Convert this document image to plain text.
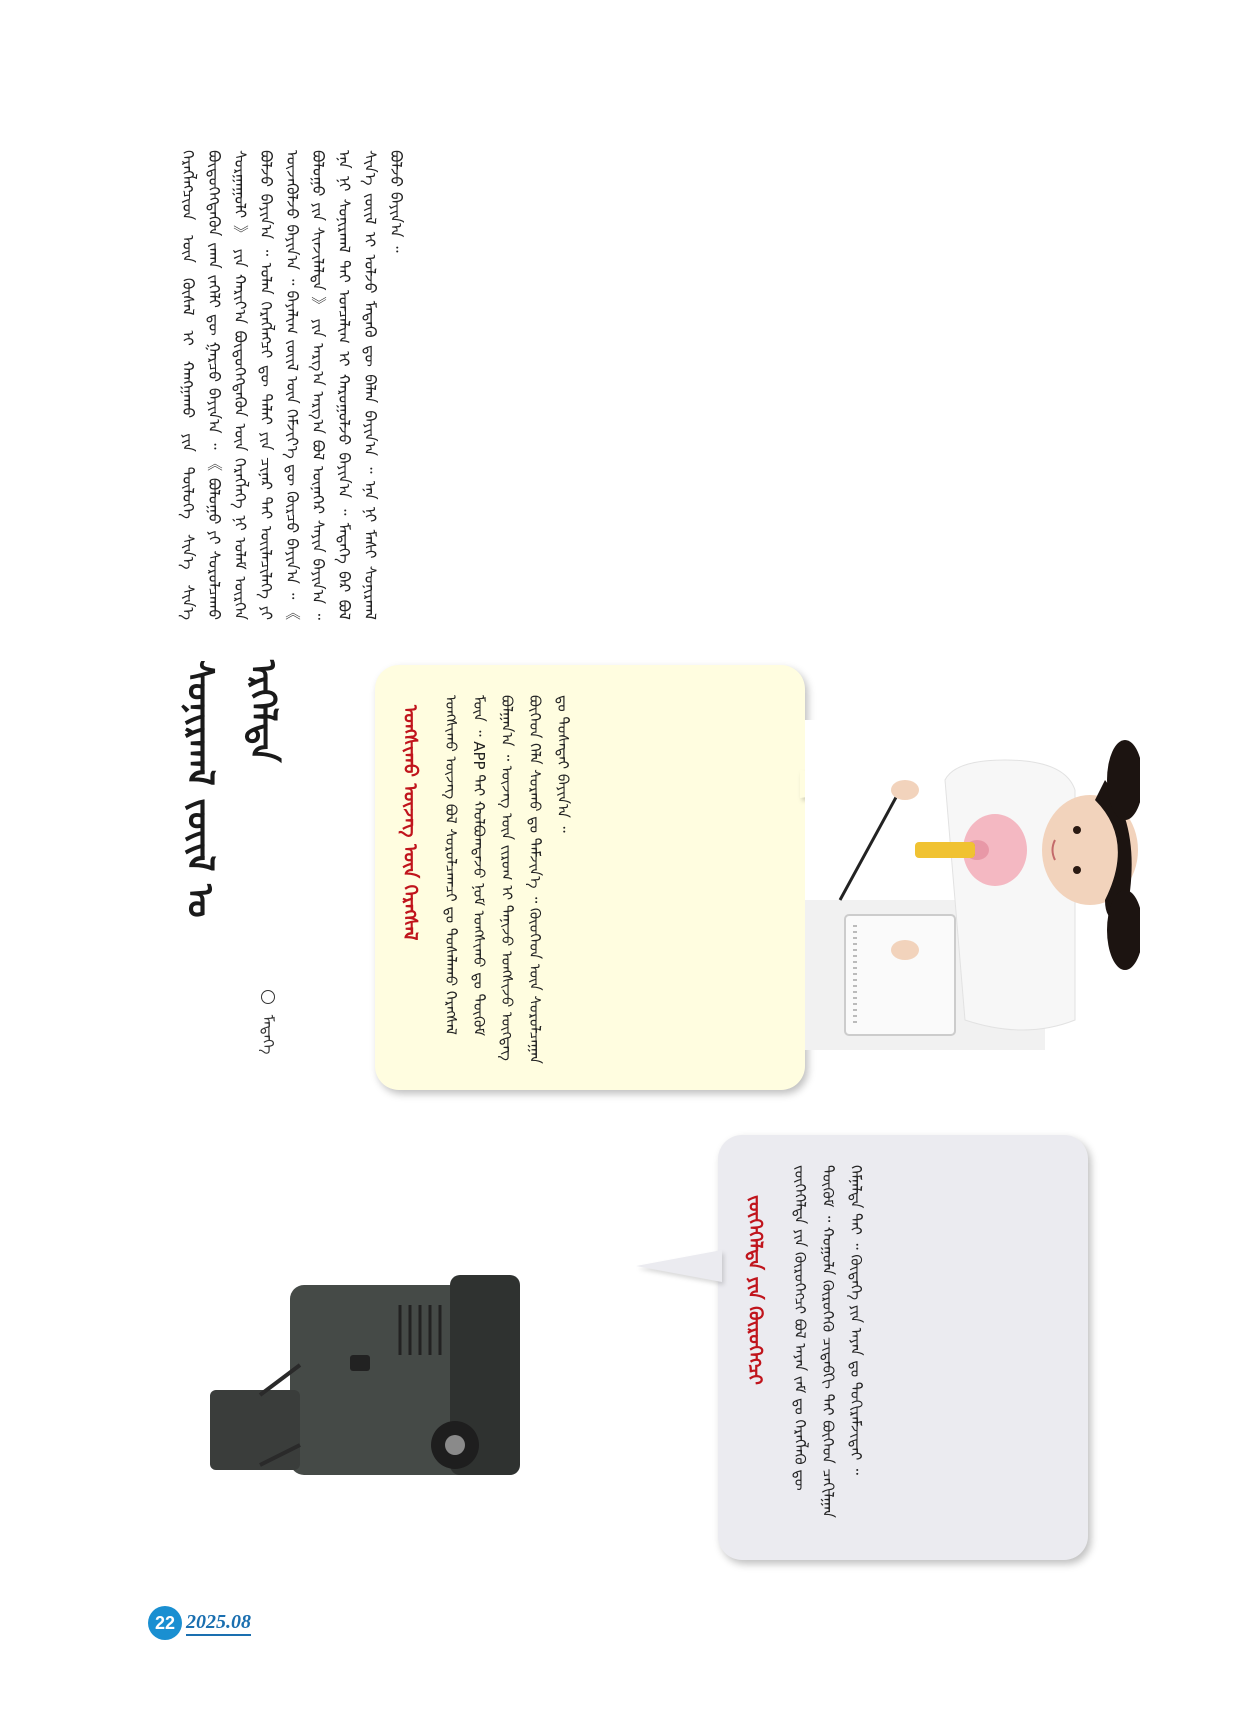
ᠬᠡᠷᠡᠭᠯᠡᠭᠴᠢᠳ ᠦᠨ ᠬᠦᠰᠡᠯ ᠢ ᠬᠠᠩᠭᠠᠬᠤ ᠶᠢᠨ ᠲᠥᠯᠥᠭᠡ ᠰᠢᠨ᠎ᠡ ᠰᠢᠨ᠎ᠡ ᠪᠦᠲᠦᠭᠡᠭᠳᠡᠬᠦᠨ ᠵᠠᠬᠠ ᠵᠡᠭᠡᠯᠢ ᠳᠦ ᠭᠠᠷᠴᠤ ᠪᠠᠶᠢᠨ᠎ᠠ ᠃ 《 ᠪᠣᠯᠣᠭᠤ ᠶᠢ ᠰᠤᠷᠤᠯᠴᠠᠬᠤ ᠰᠤᠷᠭᠠᠭᠤᠯᠢ 》 ᠶᠢᠨ ᠬᠠᠷᠢᠶ᠎ᠠ ᠪᠦᠲᠦᠭᠡᠭᠳᠡᠬᠦᠨ ᠦᠨ ᠬᠡᠷᠡᠭᠯᠡᠭᠡ ᠨᠢ ᠤᠯᠠᠮ ᠥᠷᠭᠡᠨ ᠪᠣᠯᠵᠤ ᠪᠠᠶᠢᠨ᠎ᠠ ᠃ ᠣᠯᠠᠨ ᠬᠡᠷᠡᠭᠯᠡᠭᠴᠢ ᠳᠦ ᠳᠠᠯᠠᠢ ᠶᠢᠨ ᠴᠢᠨᠠᠷ ᠲᠠᠢ ᠦᠢᠯᠡᠴᠢᠯᠡᠭᠡ ᠶᠢ ᠦᠵᠡᠭᠦᠯᠵᠦ ᠪᠠᠶᠢᠨ᠎ᠠ ᠃ ᠪᠠᠶᠠᠯᠢᠭ ᠵᠦᠢᠯ ᠦᠨ ᠬᠡᠮᠵᠢᠶ᠎ᠡ ᠳᠦ ᠬᠦᠷᠴᠦ ᠪᠠᠶᠢᠨ᠎ᠠ ᠃ 《 ᠪᠣᠯᠣᠭᠤ ᠶᠢᠨ ᠰᠢᠨᠵᠢᠯᠡᠯᠲᠡ 》 ᠶᠢᠨ ᠠᠷᠭ᠎ᠠ ᠠᠷᠭ᠎ᠠ ᠪᠣᠯ ᠦᠨᠡᠬᠡᠷ ᠰᠠᠶᠢᠨ ᠪᠠᠶᠢᠨ᠎ᠠ ᠃ ᠡᠨᠡ ᠨᠢ ᠰᠣᠨᠢᠷᠬᠠᠯ ᠲᠠᠢ ᠣᠨᠴᠠᠯᠢᠭ ᠢ ᠬᠠᠷᠤᠭᠤᠯᠵᠤ ᠪᠠᠶᠢᠨ᠎ᠠ ᠃ ᠮᠡᠳᠡᠭᠡ ᠪᠠᠷ ᠪᠣᠯ ᠰᠢᠨ᠎ᠡ ᠵᠦᠢᠯ ᠢ ᠣᠯᠵᠤ ᠮᠡᠳᠡᠬᠦ ᠳᠦ ᠪᠡᠯᠡᠨ ᠪᠠᠶᠢᠨ᠎ᠠ ᠃ ᠡᠨᠡ ᠨᠢ ᠮᠠᠰᠢ ᠰᠣᠨᠢᠷᠬᠠᠯ ᠪᠣᠯᠵᠤ ᠪᠠᠶᠢᠨ᠎ᠠ ᠃
ᠰᠣᠨᠢᠷᠬᠠᠯ ᠵᠦᠢᠯ ᠤ ᠡᠷᠭᠡᠯᠲᠡ
ᠮᠡᠳᠡᠭᠡ
ᠤᠩᠰᠢᠬᠤ ᠦᠵᠡᠭ ᠦᠨ ᠬᠡᠷᠡᠭᠰᠡᠯ	ᠤᠩᠰᠢᠬᠤ ᠦᠵᠡᠭ ᠪᠣᠯ ᠰᠤᠷᠤᠯᠴᠠᠭᠴᠢ ᠳᠤ ᠲᠤᠰᠠᠯᠠᠬᠤ ᠬᠡᠷᠡᠭᠰᠡᠯ ᠮᠥᠨ ᠃ APP ᠲᠠᠢ ᠬᠣᠯᠪᠣᠭᠳᠠᠵᠤ ᠨᠣᠮ ᠤᠩᠰᠢᠬᠤ ᠳᠤ ᠳᠥᠬᠥᠮ ᠪᠣᠯᠭᠠᠨ᠎ᠠ ᠃ ᠦᠵᠡᠭ ᠦᠨ ᠵᠢᠷᠤᠭ ᠢ ᠲᠠᠨᠢᠵᠤ ᠤᠩᠰᠢᠵᠤ ᠥᠭᠳᠡᠭ ᠪᠥᠭᠡᠳ ᠬᠡᠯᠡ ᠰᠤᠷᠬᠤ ᠳᠤ ᠳᠡᠮᠵᠢᠨ᠎ᠡ ᠃ ᠬᠦᠦᠬᠡᠳ ᠦᠨ ᠰᠤᠷᠤᠯᠴᠠᠭᠠᠨ ᠳᠤ ᠲᠤᠰᠠᠲᠠᠢ ᠪᠠᠶᠢᠨ᠎ᠠ ᠃
ᠵᠥᠭᠡᠭᠡᠯᠳᠡ ᠶᠢᠨ ᠬᠥᠷᠥᠭᠡᠭᠴᠢ	ᠵᠥᠭᠡᠭᠡᠯᠳᠡ ᠶᠢᠨ ᠬᠥᠷᠥᠭᠡᠭᠴᠢ ᠪᠣᠯ ᠠᠶᠠᠨ ᠵᠠᠮ ᠳᠤ ᠬᠡᠷᠡᠭᠯᠡᠬᠦ ᠳᠦ ᠳᠥᠬᠥᠮ ᠃ ᠬᠣᠭᠣᠯᠠ ᠬᠥᠷᠥᠭᠡᠬᠦ ᠴᠢᠳᠠᠪᠬᠢ ᠲᠠᠢ ᠪᠥᠭᠡᠳ ᠴᠠᠬᠢᠯᠭᠠᠨ ᠬᠡᠮᠨᠡᠯᠲᠡ ᠲᠠᠢ ᠃ ᠬᠦᠳᠡᠭᠡ ᠶᠢᠨ ᠠᠶᠠᠨ ᠳᠤ ᠲᠣᠬᠢᠷᠠᠮᠵᠢᠲᠠᠢ ᠃
22 2025.08
